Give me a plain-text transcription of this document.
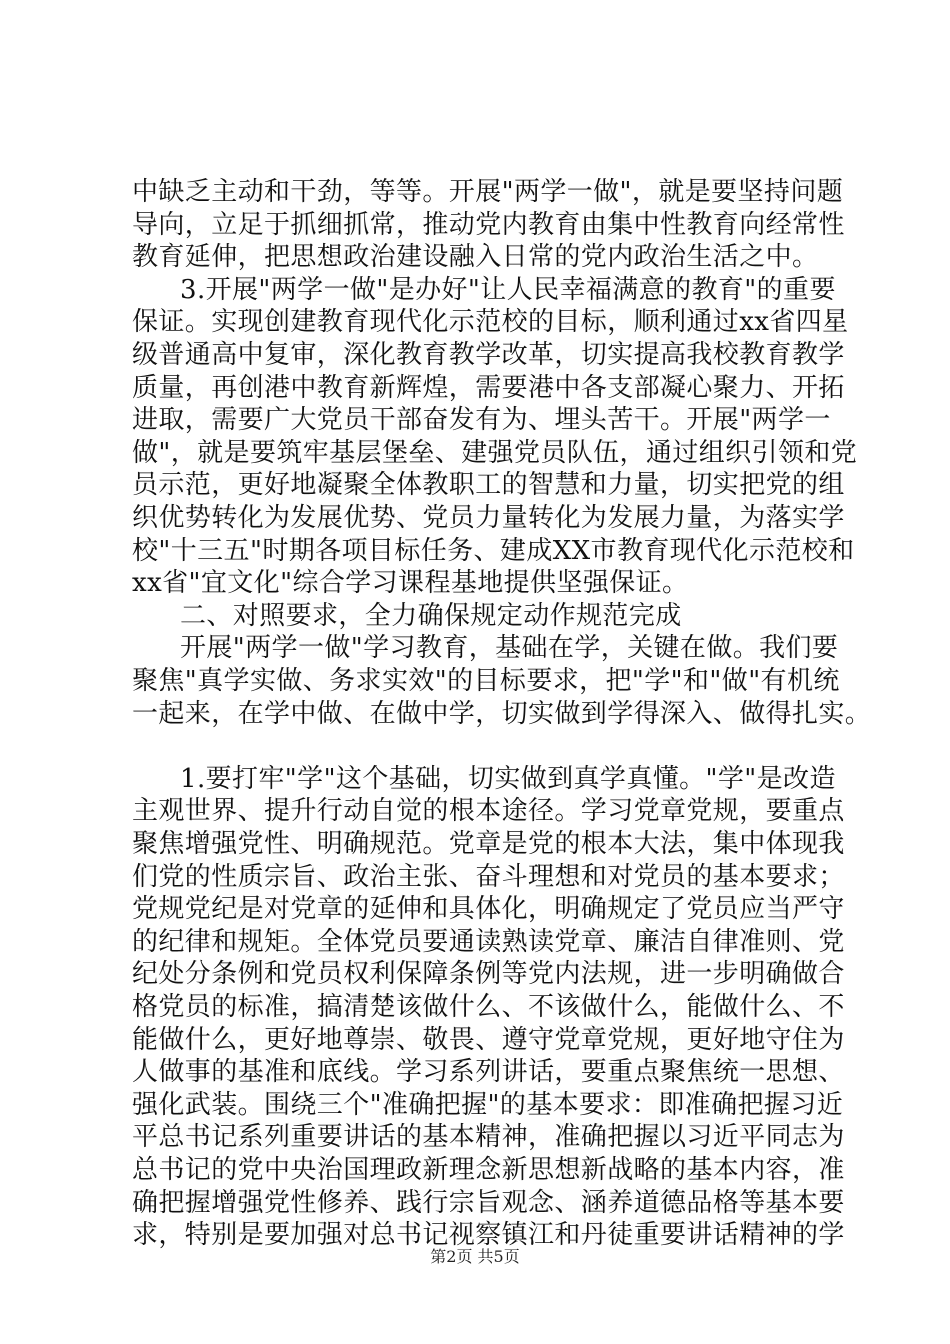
中缺乏主动和干劲，等等。开展"两学一做"，就是要坚持问题
导向，立足于抓细抓常，推动党内教育由集中性教育向经常性
教育延伸，把思想政治建设融入日常的党内政治生活之中。
3.开展"两学一做"是办好"让人民幸福满意的教育"的重要
保证。实现创建教育现代化示范校的目标，顺利通过xx省四星
级普通高中复审，深化教育教学改革，切实提高我校教育教学
质量，再创港中教育新辉煌，需要港中各支部凝心聚力、开拓
进取，需要广大党员干部奋发有为、埋头苦干。开展"两学一
做"，就是要筑牢基层堡垒、建强党员队伍，通过组织引领和党
员示范，更好地凝聚全体教职工的智慧和力量，切实把党的组
织优势转化为发展优势、党员力量转化为发展力量，为落实学
校"十三五"时期各项目标任务、建成XX市教育现代化示范校和
xx省"宜文化"综合学习课程基地提供坚强保证。
二、对照要求，全力确保规定动作规范完成
开展"两学一做"学习教育，基础在学，关键在做。我们要
聚焦"真学实做、务求实效"的目标要求，把"学"和"做"有机统
一起来，在学中做、在做中学，切实做到学得深入、做得扎实。
1.要打牢"学"这个基础，切实做到真学真懂。"学"是改造
主观世界、提升行动自觉的根本途径。学习党章党规，要重点
聚焦增强党性、明确规范。党章是党的根本大法，集中体现我
们党的性质宗旨、政治主张、奋斗理想和对党员的基本要求；
党规党纪是对党章的延伸和具体化，明确规定了党员应当严守
的纪律和规矩。全体党员要通读熟读党章、廉洁自律准则、党
纪处分条例和党员权利保障条例等党内法规，进一步明确做合
格党员的标准，搞清楚该做什么、不该做什么，能做什么、不
能做什么，更好地尊崇、敬畏、遵守党章党规，更好地守住为
第2页 共5页
人做事的基准和底线。学习系列讲话，要重点聚焦统一思想、
强化武装。围绕三个"准确把握"的基本要求：即准确把握习近
平总书记系列重要讲话的基本精神，准确把握以习近平同志为
总书记的党中央治国理政新理念新思想新战略的基本内容，准
确把握增强党性修养、践行宗旨观念、涵养道德品格等基本要
求，特别是要加强对总书记视察镇江和丹徒重要讲话精神的学
